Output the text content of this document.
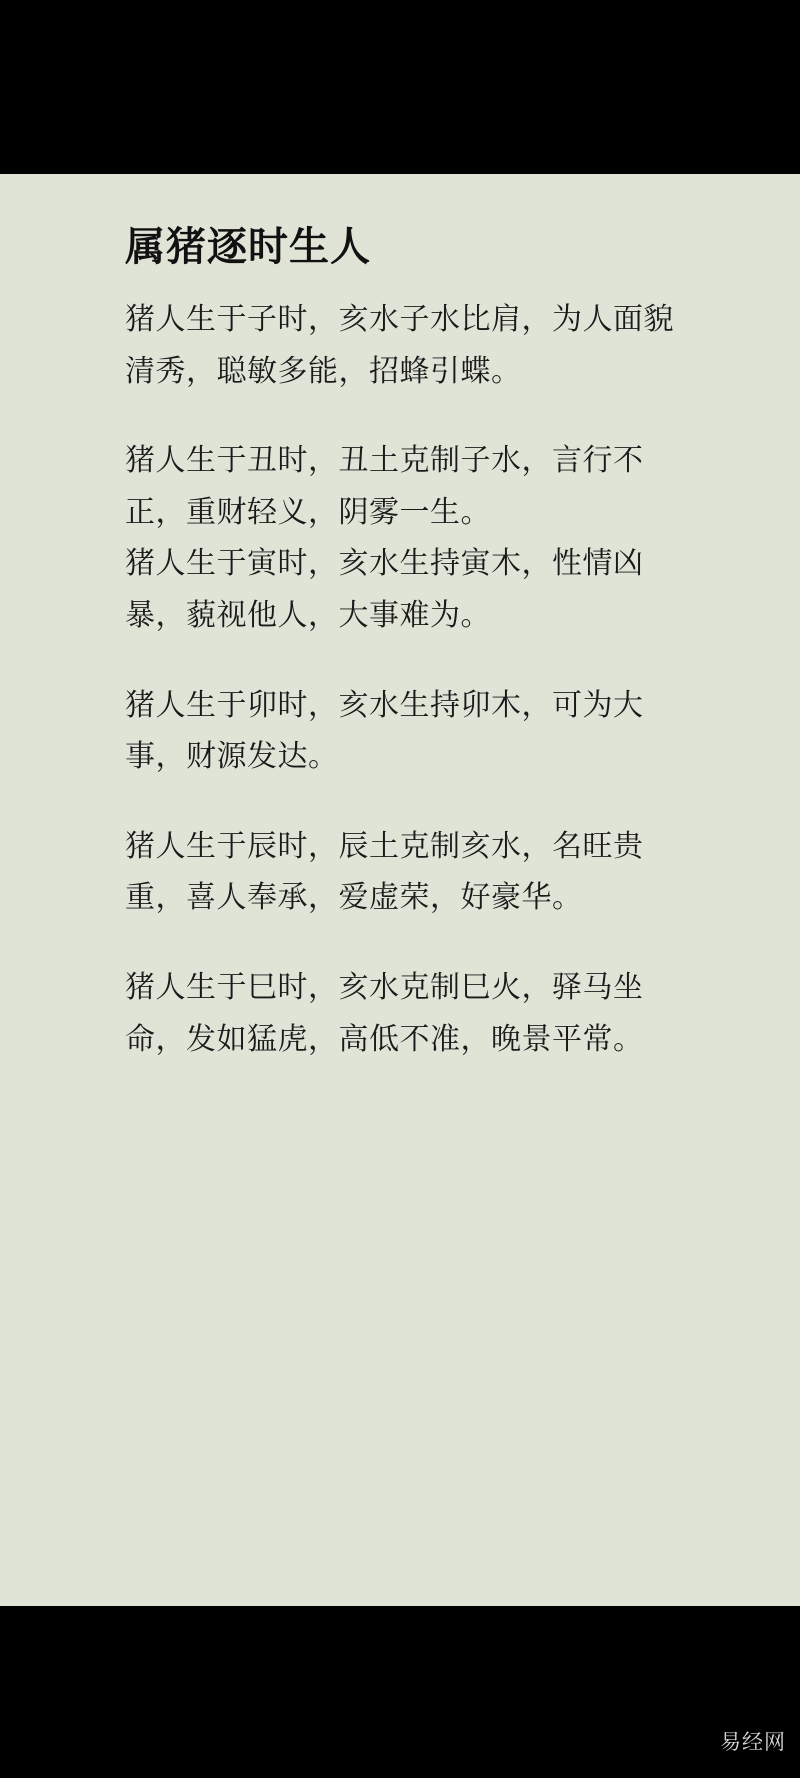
属猪逐时生人

猪人生于子时，亥水子水比肩，为人面貌清秀，聪敏多能，招蜂引蝶。

猪人生于丑时，丑土克制子水，言行不正，重财轻义，阴雾一生。

猪人生于寅时，亥水生持寅木，性情凶暴，藐视他人，大事难为。

猪人生于卯时，亥水生持卯木，可为大事，财源发达。

猪人生于辰时，辰土克制亥水，名旺贵重，喜人奉承，爱虚荣，好豪华。

猪人生于巳时，亥水克制巳火，驿马坐命，发如猛虎，高低不准，晚景平常。

易经网
